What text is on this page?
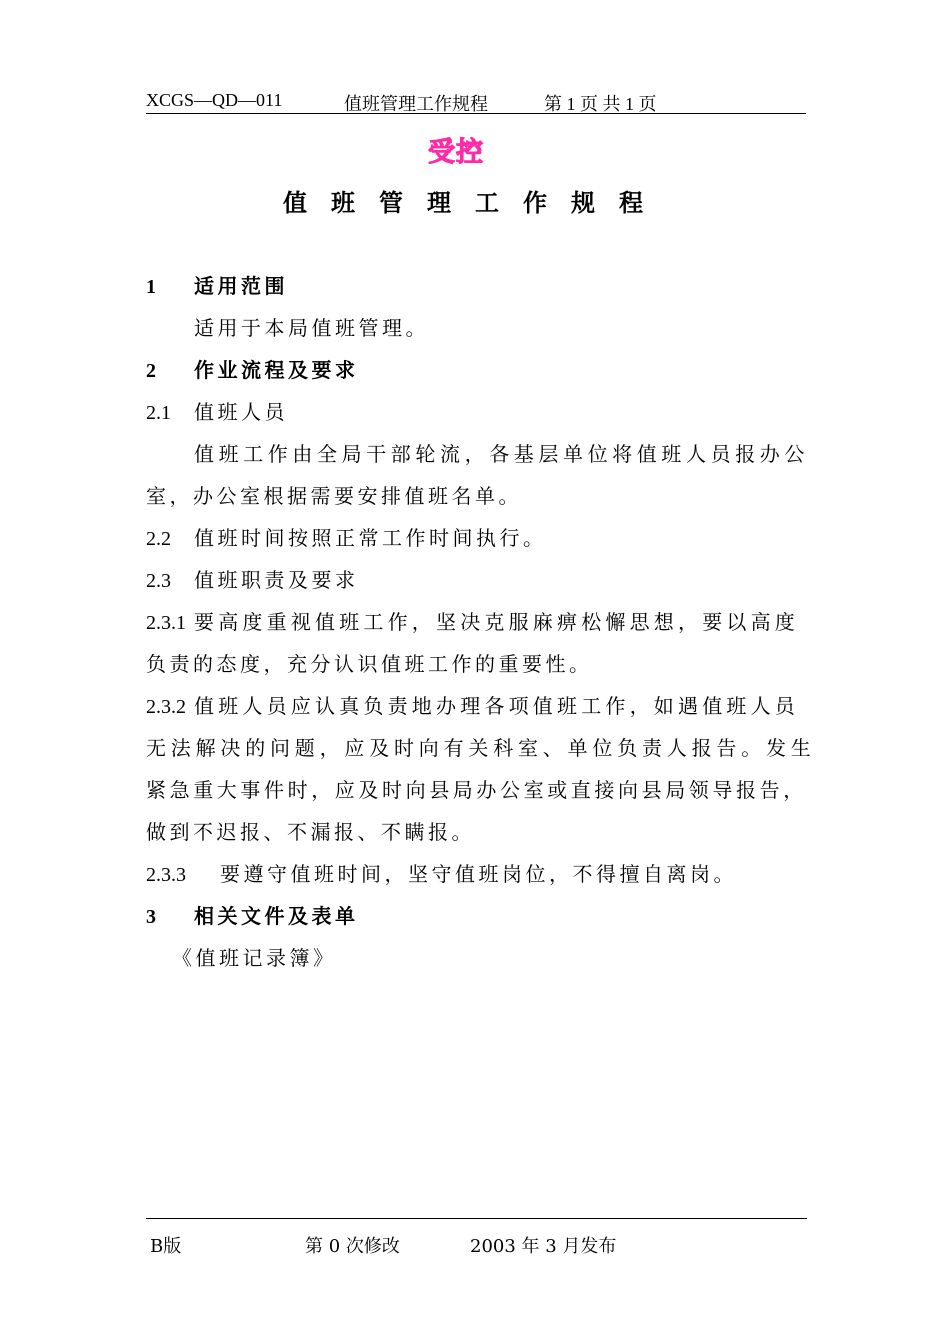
XCGS—QD—011	值班管理工作规程	第 1 页 共 1 页
受控
值班管理工作规程
1 适用范围
适用于本局值班管理。
2 作业流程及要求
2.1 值班人员
值班工作由全局干部轮流，各基层单位将值班人员报办公
室，办公室根据需要安排值班名单。
2.2 值班时间按照正常工作时间执行。
2.3 值班职责及要求
2.3.1 要高度重视值班工作，坚决克服麻痹松懈思想，要以高度
负责的态度，充分认识值班工作的重要性。
2.3.2 值班人员应认真负责地办理各项值班工作，如遇值班人员
无法解决的问题，应及时向有关科室、单位负责人报告。发生
紧急重大事件时，应及时向县局办公室或直接向县局领导报告，
做到不迟报、不漏报、不瞒报。
2.3.3 要遵守值班时间，坚守值班岗位，不得擅自离岗。
3 相关文件及表单
《值班记录簿》
B版	第 0 次修改	2003 年 3 月发布
